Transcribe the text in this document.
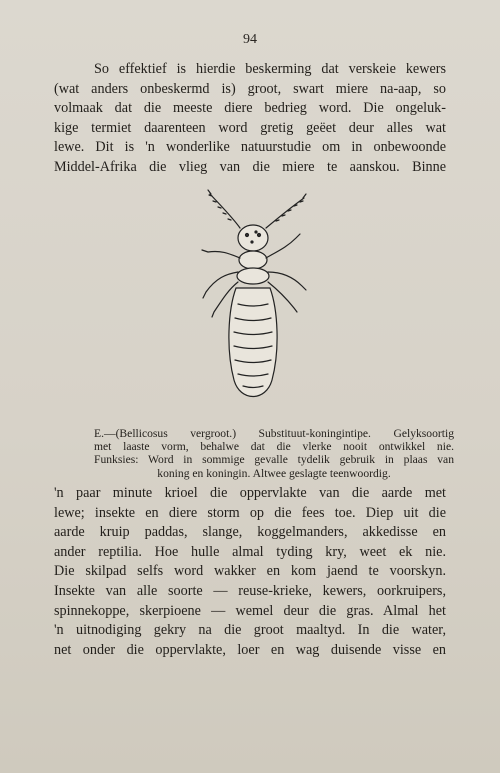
94
So effektief is hierdie beskerming dat verskeie kewers
(wat anders onbeskermd is) groot, swart miere na-aap, so
volmaak dat die meeste diere bedrieg word. Die ongeluk-
kige termiet daarenteen word gretig geëet deur alles wat
lewe. Dit is 'n wonderlike natuurstudie om in onbewoonde
Middel-Afrika die vlieg van die miere te aanskou. Binne
E.—(Bellicosus vergroot.) Substituut-koningintipe. Gelyksoortig
met laaste vorm, behalwe dat die vlerke nooit ontwikkel nie.
Funksies: Word in sommige gevalle tydelik gebruik in plaas van
koning en koningin. Altwee geslagte teenwoordig.
'n paar minute krioel die oppervlakte van die aarde met
lewe; insekte en diere storm op die fees toe. Diep uit die
aarde kruip paddas, slange, koggelmanders, akkedisse en
ander reptilia. Hoe hulle almal tyding kry, weet ek nie.
Die skilpad selfs word wakker en kom jaend te voorskyn.
Insekte van alle soorte — reuse-krieke, kewers, oorkruipers,
spinnekoppe, skerpioene — wemel deur die gras. Almal het
'n uitnodiging gekry na die groot maaltyd. In die water,
net onder die oppervlakte, loer en wag duisende visse en
